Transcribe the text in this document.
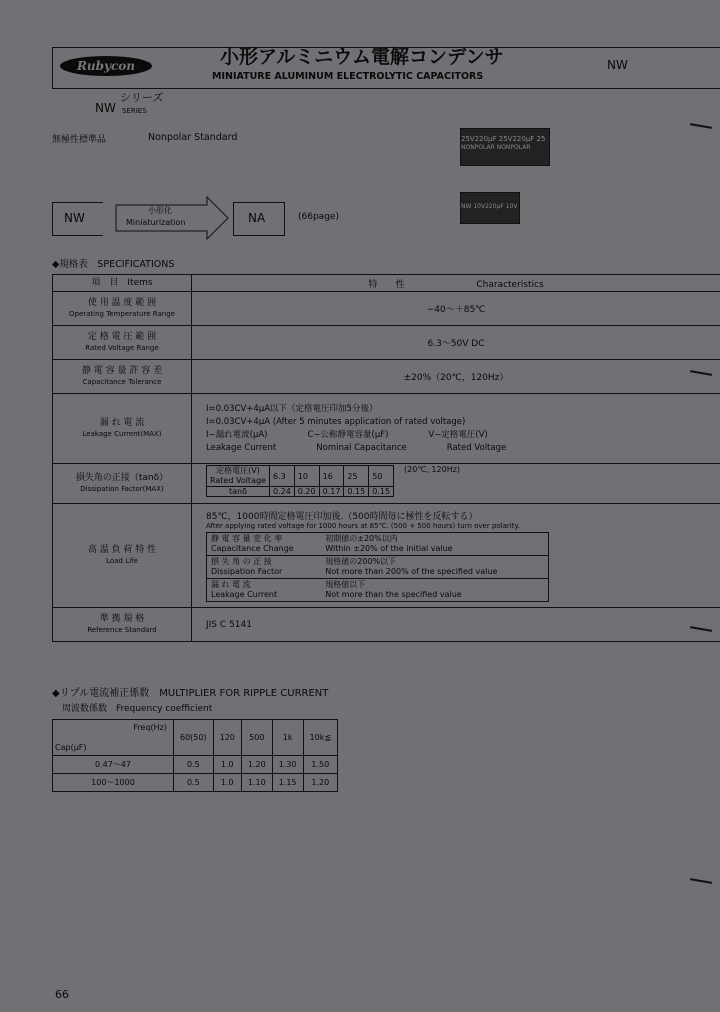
Rubycon	小形アルミニウム電解コンデンサ
MINIATURE ALUMINUM ELECTROLYTIC CAPACITORS
NW
NW
シリーズ
SERIES
無極性標準品	Nonpolar Standard	25V220μF 25V220μF 25
NONPOLAR NONPOLAR
NW 10V220μF 10V
NW
小形化
Miniaturization	NA	(66page)
◆規格表　SPECIFICATIONS
項　目　 Items	特　　性　　　　　　　　	Characteristics
使 用 温 度 範 囲
Operating Temperature Range	−40〜＋85℃
定 格 電 圧 範 囲
Rated Voltage Range	6.3〜50V DC
静 電 容 量 許 容 差
Capacitance Tolerance	±20%（20℃，120Hz）
漏 れ 電 流
Leakage Current(MAX)	
I=0.03CV+4μA以下（定格電圧印加5分後）
I=0.03CV+4μA (After 5 minutes application of rated voltage)
I−漏れ電流(μA)	C−公称静電容量(μF)	V−定格電圧(V)
Leakage Current	Nominal Capacitance	Rated Voltage

損失角の正接（tanδ）
Dissipation Factor(MAX)	
定格電圧(V)
Rated Voltage	6.3	10	16	25	50
tanδ	0.24	0.20	0.17	0.15	0.15
(20℃, 120Hz)

高 温 負 荷 特 性
Load Life	
85℃，1000時間定格電圧印加後.（500時間毎に極性を反転する）
After applying rated voltage for 1000 hours at 85℃. (500 + 500 hours) turn over polarity.
静 電 容 量 変 化 率
Capacitance Change	初期値の±20%以内
Within ±20% of the initial value
損 失 角 の 正 接
Dissipation Factor	規格値の200%以下
Not more than 200% of the specified value
漏 れ 電 流
Leakage Current	規格値以下
Not more than the specified value

準 拠 規 格
Reference Standard	JIS C 5141
◆リプル電流補正係数　MULTIPLIER FOR RIPPLE CURRENT
周波数係数　Frequency coefficient
Freq(Hz)
Cap(μF)	60(50)	120	500	1k	10k≦
0.47〜47	0.5	1.0	1.20	1.30	1.50
100〜1000	0.5	1.0	1.10	1.15	1.20
66
